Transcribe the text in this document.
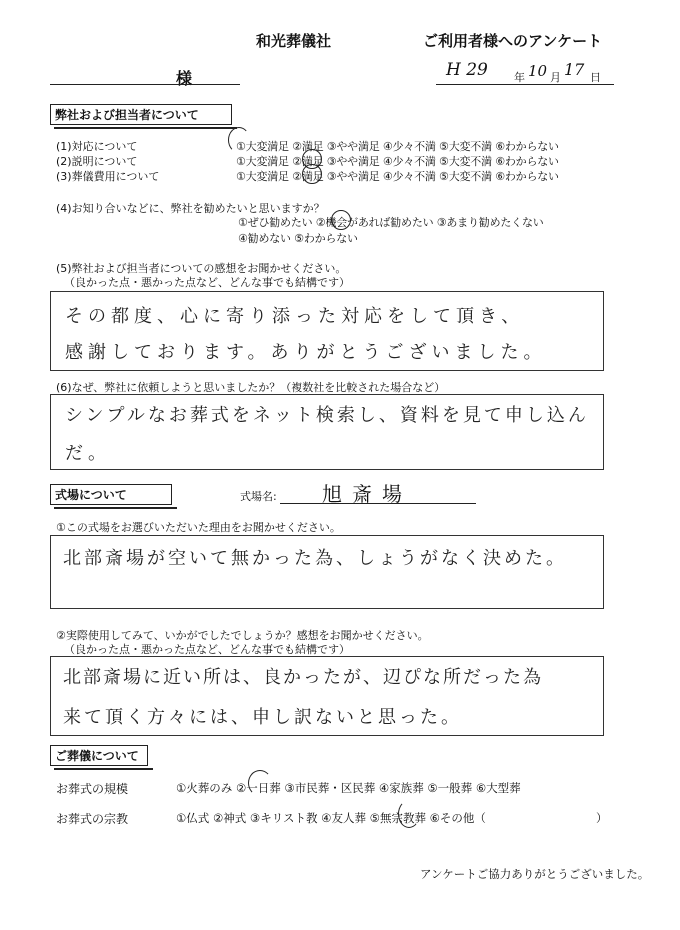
和光葬儀社	ご利用者様へのアンケート
様	H 29 年 10 月 17 日
弊社および担当者について
(1)対応について	①大変満足 ②満足 ③やや満足 ④少々不満 ⑤大変不満 ⑥わからない
(2)説明について	①大変満足 ②満足 ③やや満足 ④少々不満 ⑤大変不満 ⑥わからない
(3)葬儀費用について	①大変満足 ②満足 ③やや満足 ④少々不満 ⑤大変不満 ⑥わからない
(4)お知り合いなどに、弊社を勧めたいと思いますか？
①ぜひ勧めたい ②機会があれば勧めたい ③あまり勧めたくない
④勧めない ⑤わからない
(5)弊社および担当者についての感想をお聞かせください。
（良かった点・悪かった点など、どんな事でも結構です）
その都度、心に寄り添った対応をして頂き、
感謝しております。ありがとうございました。
(6)なぜ、弊社に依頼しようと思いましたか？（複数社を比較された場合など）
シンプルなお葬式をネット検索し、資料を見て申し込ん
だ。
式場について	式場名: 旭斎場
①この式場をお選びいただいた理由をお聞かせください。
北部斎場が空いて無かった為、しょうがなく決めた。
②実際使用してみて、いかがでしたでしょうか？感想をお聞かせください。
（良かった点・悪かった点など、どんな事でも結構です）
北部斎場に近い所は、良かったが、辺ぴな所だった為
来て頂く方々には、申し訳ないと思った。
ご葬儀について
お葬式の規模	①火葬のみ ②一日葬 ③市民葬・区民葬 ④家族葬 ⑤一般葬 ⑥大型葬
お葬式の宗教	①仏式 ②神式 ③キリスト教 ④友人葬 ⑤無宗教葬 ⑥その他（	）
アンケートご協力ありがとうございました。
